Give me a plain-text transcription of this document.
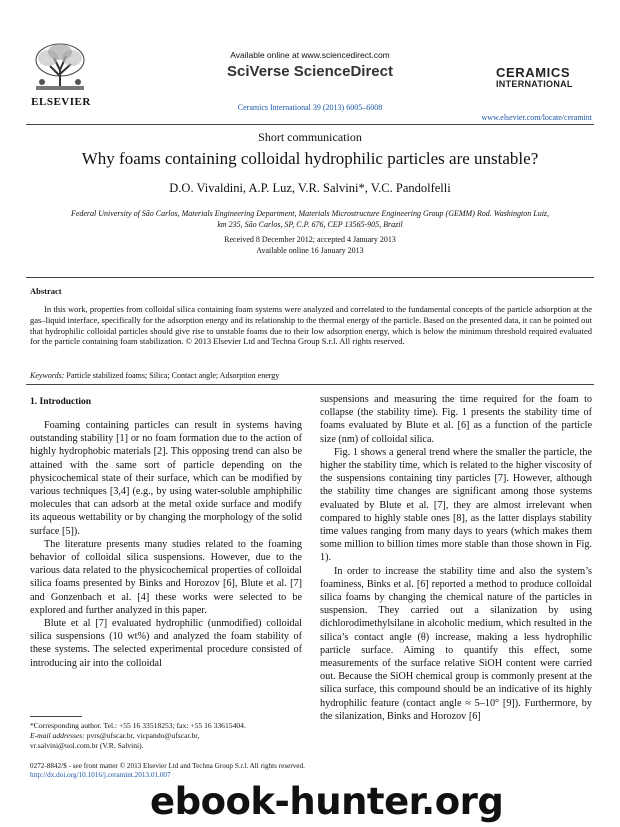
ELSEVIER
Available online at www.sciencedirect.com
SciVerse ScienceDirect
Ceramics International 39 (2013) 6005–6008
CERAMICS
INTERNATIONAL
www.elsevier.com/locate/ceramint
Short communication
Why foams containing colloidal hydrophilic particles are unstable?
D.O. Vivaldini, A.P. Luz, V.R. Salvini*, V.C. Pandolfelli
Federal University of São Carlos, Materials Engineering Department, Materials Microstructure Engineering Group (GEMM) Rod. Washington Luiz,
km 235, São Carlos, SP, C.P. 676, CEP 13565-905, Brazil
Received 8 December 2012; accepted 4 January 2013
Available online 16 January 2013
Abstract
In this work, properties from colloidal silica containing foam systems were analyzed and correlated to the fundamental concepts of the particle adsorption at the gas–liquid interface, specifically for the adsorption energy and its relationship to the thermal energy of the particle. Based on the presented data, it can be pointed out that hydrophilic colloidal particles should give rise to unstable foams due to their low adsorption energy, which is below the minimum threshold required evaluated for the particle containing foam stabilization. © 2013 Elsevier Ltd and Techna Group S.r.l. All rights reserved.
Keywords: Particle stabilized foams; Silica; Contact angle; Adsorption energy
1. Introduction

Foaming containing particles can result in systems having outstanding stability [1] or no foam formation due to the action of highly hydrophobic materials [2]. This opposing trend can also be attained with the same sort of particle depending on the physicochemical state of their surface, which can be modified by various techniques [3,4] (e.g., by using water-soluble amphiphilic molecules that can adsorb at the metal oxide surface and modify its aqueous wettability or by changing the morphology of the solid surface [5]).

The literature presents many studies related to the foaming behavior of colloidal silica suspensions. However, due to the various data related to the physicochemical properties of colloidal silica foams presented by Binks and Horozov [6], Blute et al. [7] and Gonzenbach et al. [4] these works were selected to be explored and further analyzed in this paper.

Blute et al [7] evaluated hydrophilic (unmodified) colloidal silica suspensions (10 wt%) and analyzed the foam stability of these systems. The selected experimental procedure consisted of introducing air into the colloidal

suspensions and measuring the time required for the foam to collapse (the stability time). Fig. 1 presents the stability time of foams evaluated by Blute et al. [6] as a function of the particle size (nm) of colloidal silica.

Fig. 1 shows a general trend where the smaller the particle, the higher the stability time, which is related to the higher viscosity of the suspensions containing tiny particles [7]. However, although the stability time changes are significant among those systems evaluated by Blute et al. [7], they are almost irrelevant when compared to highly stable ones [8], as the latter displays stability time values ranging from many days to years (which makes them some million to billion times more stable than those shown in Fig. 1).

In order to increase the stability time and also the system’s foaminess, Binks et al. [6] reported a method to produce colloidal silica foams by changing the chemical nature of the particles in suspension. They carried out a silanization by using dichlorodimethylsilane in alcoholic medium, which resulted in the silica’s contact angle (θ) increase, making a less hydrophilic particle surface. Aiming to quantify this effect, some measurements of the surface relative SiOH content were carried out. Because the SiOH chemical group is commonly present at the silica surface, this compound should be an indicative of its highly hydrophilic feature (contact angle ≈ 5–10° [9]). Furthermore, by the silanization, Binks and Horozov [6]

*Corresponding author. Tel.: +55 16 33518253; fax: +55 16 33615404.
E-mail addresses: pvrs@ufscar.br, vicpando@ufscar.br,
vr.salvini@uol.com.br (V.R. Salvini).
0272-8842/$ - see front matter © 2013 Elsevier Ltd and Techna Group S.r.l. All rights reserved.
http://dx.doi.org/10.1016/j.ceramint.2013.01.007
ebook-hunter.org
